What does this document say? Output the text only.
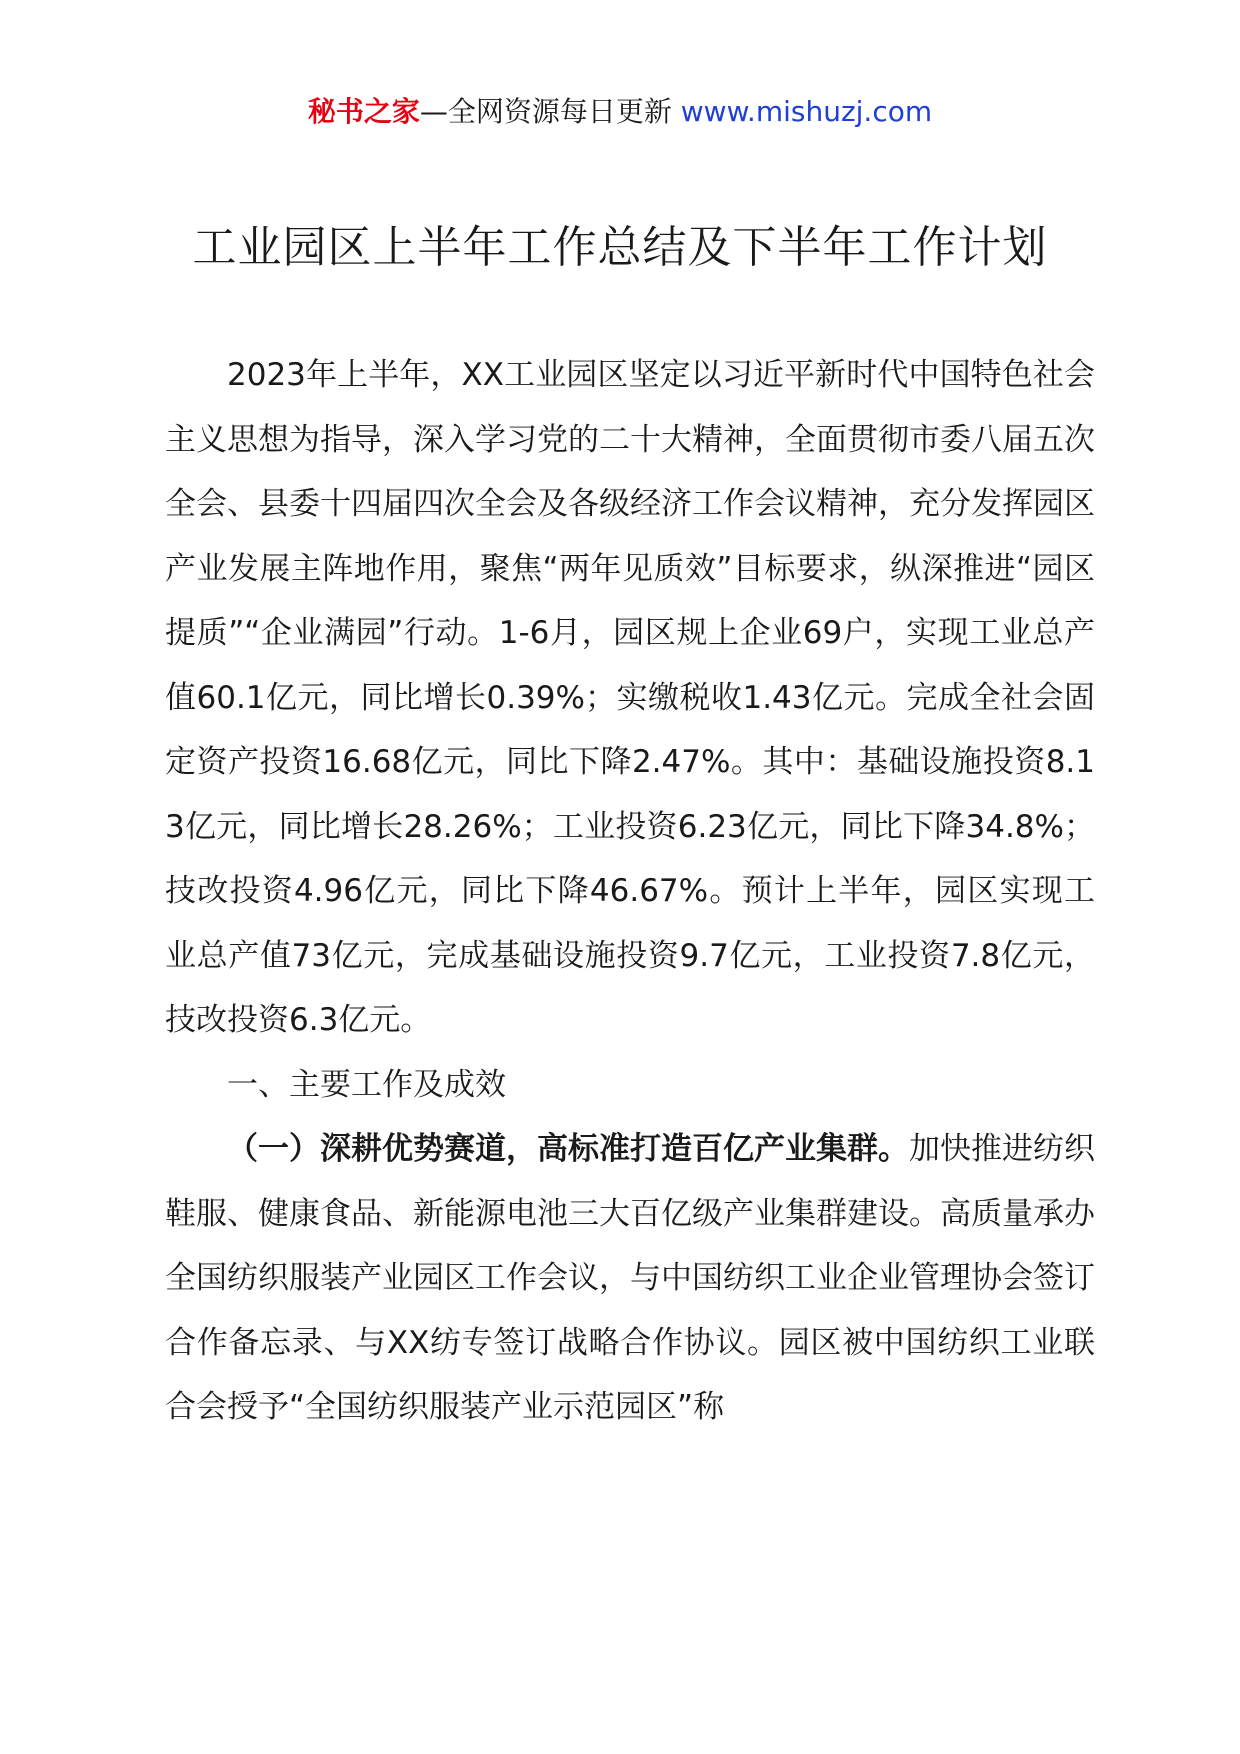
秘书之家—全网资源每日更新 www.mishuzj.com
工业园区上半年工作总结及下半年工作计划

2023年上半年，XX工业园区坚定以习近平新时代中国特色社会主义思想为指导，深入学习党的二十大精神，全面贯彻市委八届五次全会、县委十四届四次全会及各级经济工作会议精神，充分发挥园区产业发展主阵地作用，聚焦“两年见质效”目标要求，纵深推进“园区提质”“企业满园”行动。1-6月，园区规上企业69户，实现工业总产值60.1亿元，同比增长0.39%；实缴税收1.43亿元。完成全社会固定资产投资16.68亿元，同比下降2.47%。其中：基础设施投资8.13亿元，同比增长28.26%；工业投资6.23亿元，同比下降34.8%；技改投资4.96亿元，同比下降46.67%。预计上半年，园区实现工业总产值73亿元，完成基础设施投资9.7亿元，工业投资7.8亿元，技改投资6.3亿元。

一、主要工作及成效

（一）深耕优势赛道，高标准打造百亿产业集群。加快推进纺织鞋服、健康食品、新能源电池三大百亿级产业集群建设。高质量承办全国纺织服装产业园区工作会议，与中国纺织工业企业管理协会签订合作备忘录、与XX纺专签订战略合作协议。园区被中国纺织工业联合会授予“全国纺织服装产业示范园区”称
